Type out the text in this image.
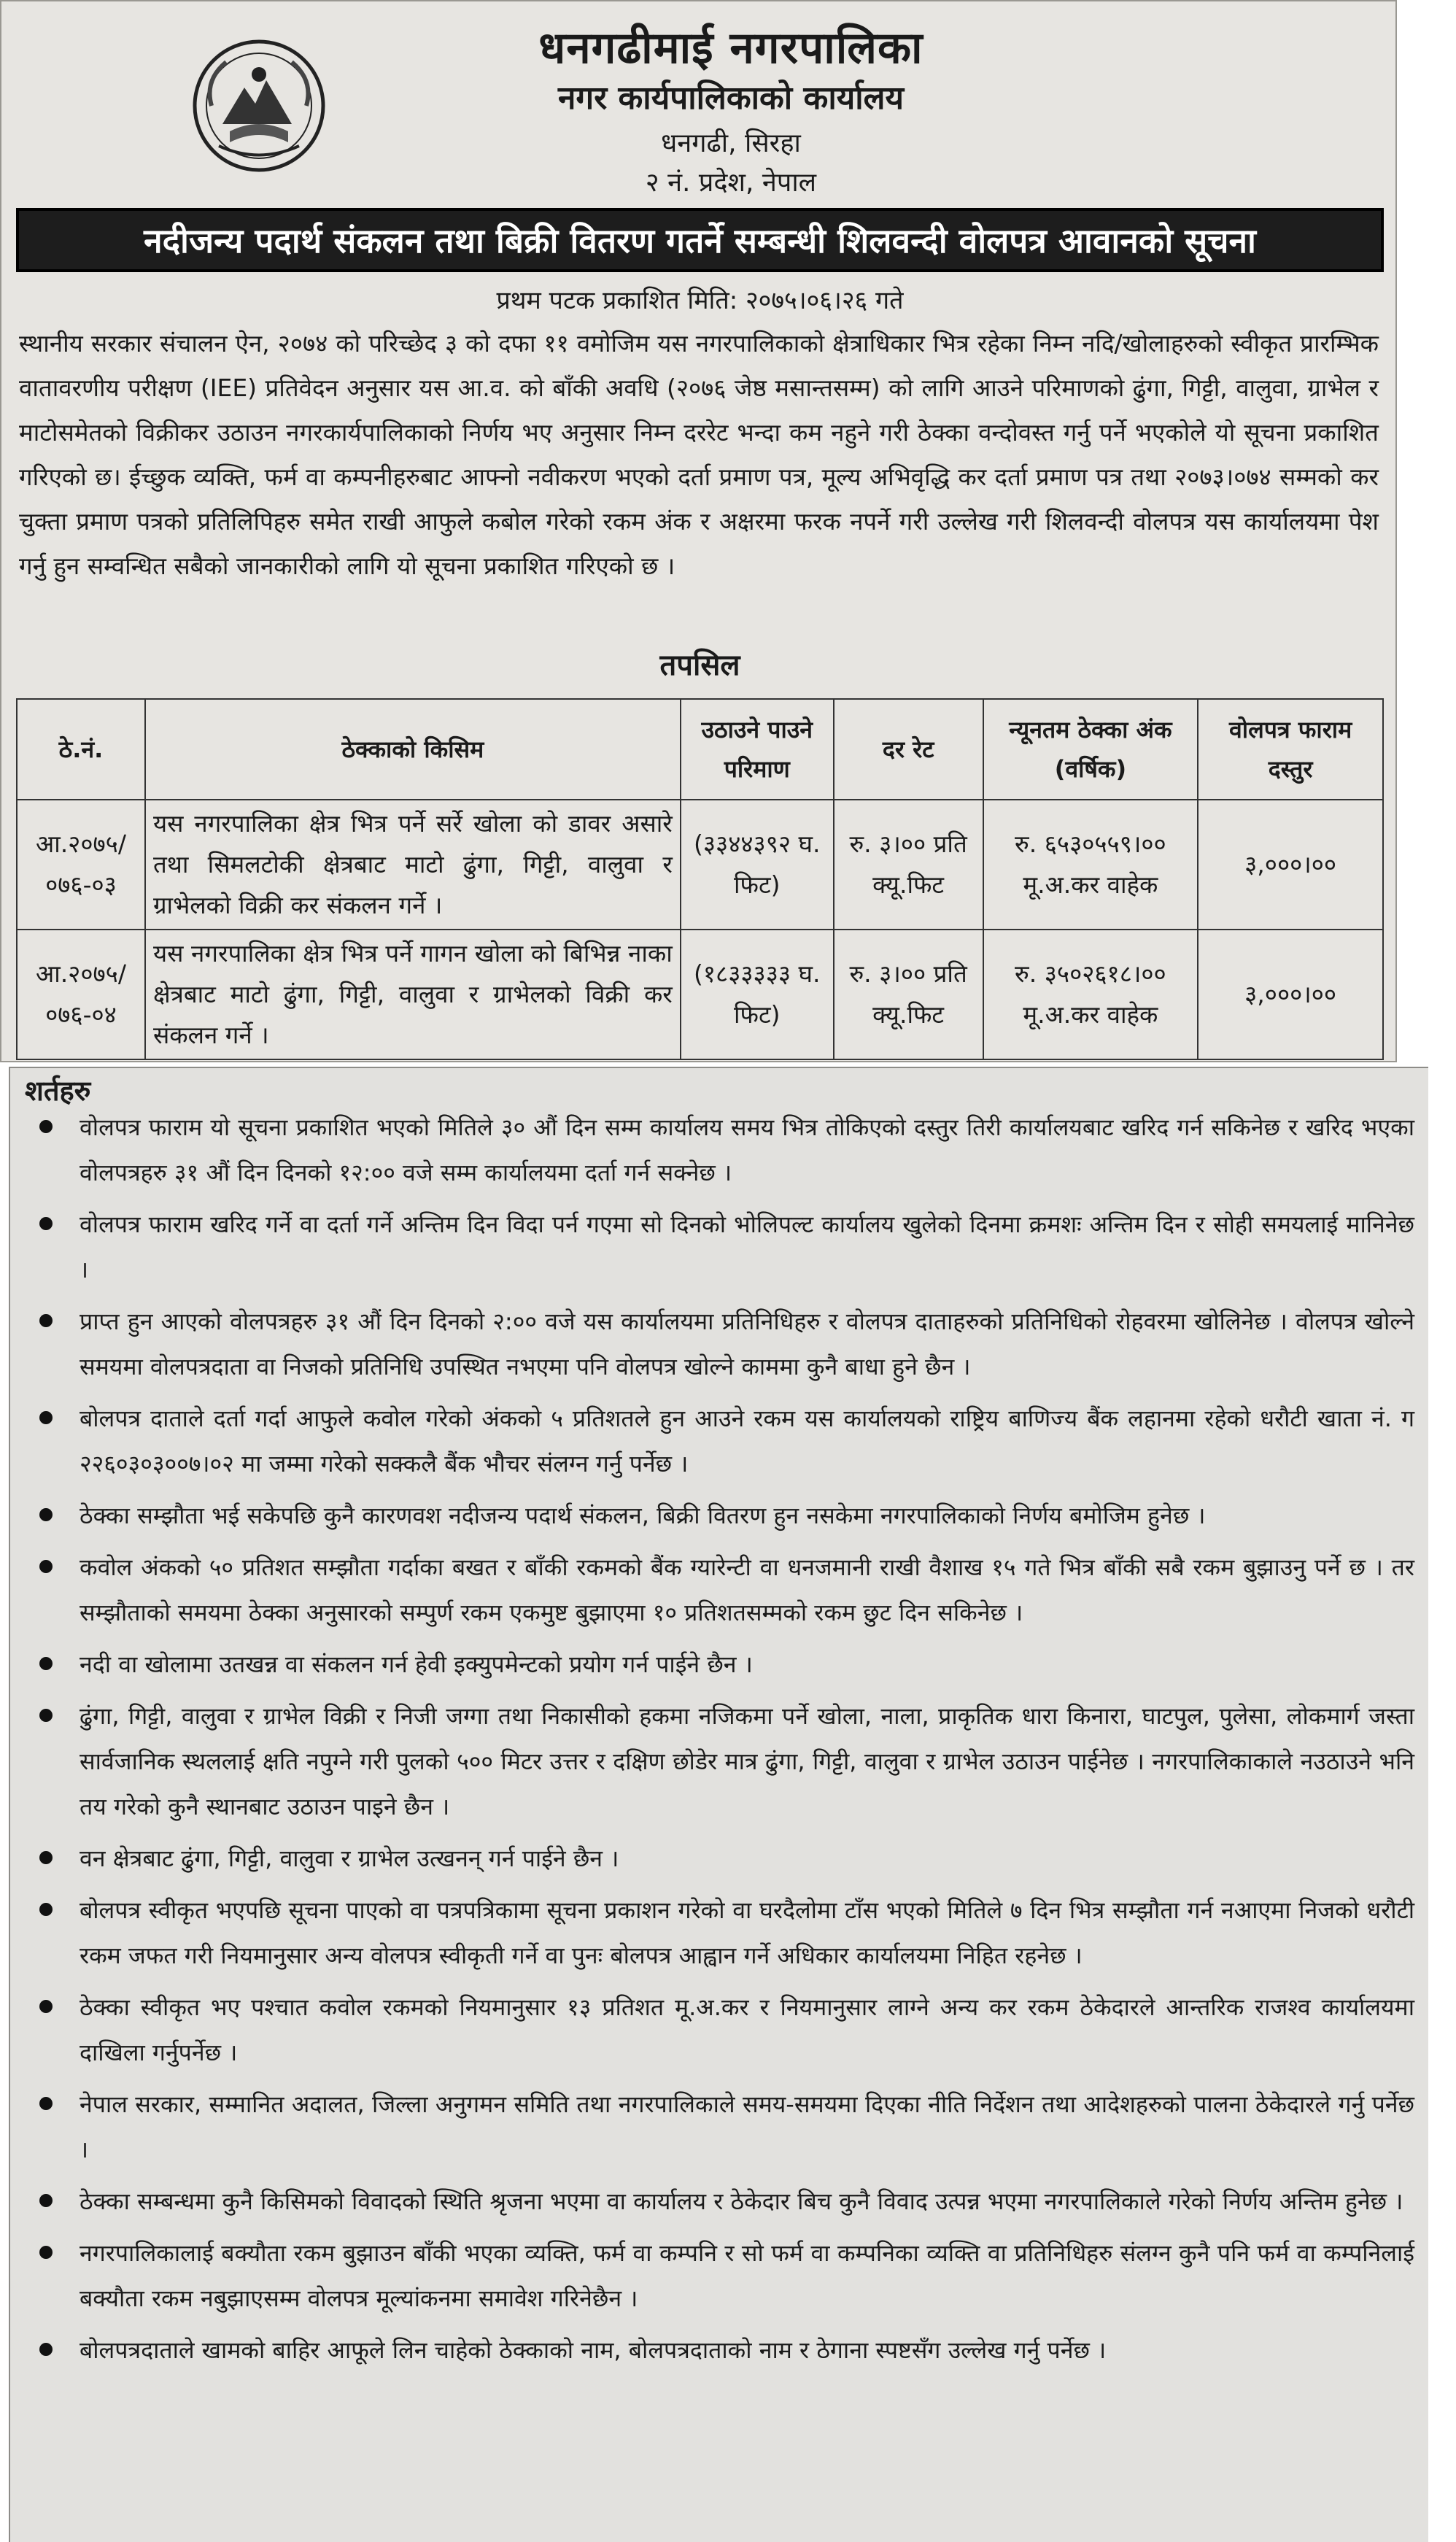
धनगढीमाई नगरपालिका
नगर कार्यपालिकाको कार्यालय
धनगढी, सिरहा
२ नं. प्रदेश, नेपाल
नदीजन्य पदार्थ संकलन तथा बिक्री वितरण गतर्ने सम्बन्धी शिलवन्दी वोलपत्र आवानको सूचना
प्रथम पटक प्रकाशित मिति: २०७५।०६।२६ गते

स्थानीय सरकार संचालन ऐन, २०७४ को परिच्छेद ३ को दफा ११ वमोजिम यस नगरपालिकाको क्षेत्राधिकार भित्र रहेका निम्न नदि/खोलाहरुको स्वीकृत प्रारम्भिक वातावरणीय परीक्षण (IEE) प्रतिवेदन अनुसार यस आ.व. को बाँकी अवधि (२०७६ जेष्ठ मसान्तसम्म) को लागि आउने परिमाणको ढुंगा, गिट्टी, वालुवा, ग्राभेल र माटोसमेतको विक्रीकर उठाउन नगरकार्यपालिकाको निर्णय भए अनुसार निम्न दररेट भन्दा कम नहुने गरी ठेक्का वन्दोवस्त गर्नु पर्ने भएकोले यो सूचना प्रकाशित गरिएको छ। ईच्छुक व्यक्ति, फर्म वा कम्पनीहरुबाट आफ्नो नवीकरण भएको दर्ता प्रमाण पत्र, मूल्य अभिवृद्धि कर दर्ता प्रमाण पत्र तथा २०७३।०७४ सम्मको कर चुक्ता प्रमाण पत्रको प्रतिलिपिहरु समेत राखी आफुले कबोल गरेको रकम अंक र अक्षरमा फरक नपर्ने गरी उल्लेख गरी शिलवन्दी वोलपत्र यस कार्यालयमा पेश गर्नु हुन सम्वन्धित सबैको जानकारीको लागि यो सूचना प्रकाशित गरिएको छ ।

तपसिल
ठे.नं.	ठेक्काको किसिम	उठाउने पाउने परिमाण	दर रेट	न्यूनतम ठेक्का अंक (वर्षिक)	वोलपत्र फाराम दस्तुर
आ.२०७५/ ०७६-०३	यस नगरपालिका क्षेत्र भित्र पर्ने सर्रे खोला को डावर असारे तथा सिमलटोकी क्षेत्रबाट माटो ढुंगा, गिट्टी, वालुवा र ग्राभेलको विक्री कर संकलन गर्ने ।	(३३४४३९२ घ. फिट)	रु. ३।०० प्रति क्यू.फिट	रु. ६५३०५५९।०० मू.अ.कर वाहेक	३,०००।००
आ.२०७५/ ०७६-०४	यस नगरपालिका क्षेत्र भित्र पर्ने गागन खोला को बिभिन्न नाका क्षेत्रबाट माटो ढुंगा, गिट्टी, वालुवा र ग्राभेलको विक्री कर संकलन गर्ने ।	(१८३३३३३ घ. फिट)	रु. ३।०० प्रति क्यू.फिट	रु. ३५०२६१८।०० मू.अ.कर वाहेक	३,०००।००
शर्तहरु
वोलपत्र फाराम यो सूचना प्रकाशित भएको मितिले ३० औं दिन सम्म कार्यालय समय भित्र तोकिएको दस्तुर तिरी कार्यालयबाट खरिद गर्न सकिनेछ र खरिद भएका वोलपत्रहरु ३१ औं दिन दिनको १२:०० वजे सम्म कार्यालयमा दर्ता गर्न सक्नेछ ।
वोलपत्र फाराम खरिद गर्ने वा दर्ता गर्ने अन्तिम दिन विदा पर्न गएमा सो दिनको भोलिपल्ट कार्यालय खुलेको दिनमा क्रमशः अन्तिम दिन र सोही समयलाई मानिनेछ ।
प्राप्त हुन आएको वोलपत्रहरु ३१ औं दिन दिनको २:०० वजे यस कार्यालयमा प्रतिनिधिहरु र वोलपत्र दाताहरुको प्रतिनिधिको रोहवरमा खोलिनेछ । वोलपत्र खोल्ने समयमा वोलपत्रदाता वा निजको प्रतिनिधि उपस्थित नभएमा पनि वोलपत्र खोल्ने काममा कुनै बाधा हुने छैन ।
बोलपत्र दाताले दर्ता गर्दा आफुले कवोल गरेको अंकको ५ प्रतिशतले हुन आउने रकम यस कार्यालयको राष्ट्रिय बाणिज्य बैंक लहानमा रहेको धरौटी खाता नं. ग २२६०३०३००७।०२ मा जम्मा गरेको सक्कलै बैंक भौचर संलग्न गर्नु पर्नेछ ।
ठेक्का सम्झौता भई सकेपछि कुनै कारणवश नदीजन्य पदार्थ संकलन, बिक्री वितरण हुन नसकेमा नगरपालिकाको निर्णय बमोजिम हुनेछ ।
कवोल अंकको ५० प्रतिशत सम्झौता गर्दाका बखत र बाँकी रकमको बैंक ग्यारेन्टी वा धनजमानी राखी वैशाख १५ गते भित्र बाँकी सबै रकम बुझाउनु पर्ने छ । तर सम्झौताको समयमा ठेक्का अनुसारको सम्पुर्ण रकम एकमुष्ट बुझाएमा १० प्रतिशतसम्मको रकम छुट दिन सकिनेछ ।
नदी वा खोलामा उतखन्न वा संकलन गर्न हेवी इक्युपमेन्टको प्रयोग गर्न पाईने छैन ।
ढुंगा, गिट्टी, वालुवा र ग्राभेल विक्री र निजी जग्गा तथा निकासीको हकमा नजिकमा पर्ने खोला, नाला, प्राकृतिक धारा किनारा, घाटपुल, पुलेसा, लोकमार्ग जस्ता सार्वजानिक स्थललाई क्षति नपुग्ने गरी पुलको ५०० मिटर उत्तर र दक्षिण छोडेर मात्र ढुंगा, गिट्टी, वालुवा र ग्राभेल उठाउन पाईनेछ । नगरपालिकाकाले नउठाउने भनि तय गरेको कुनै स्थानबाट उठाउन पाइने छैन ।
वन क्षेत्रबाट ढुंगा, गिट्टी, वालुवा र ग्राभेल उत्खनन् गर्न पाईने छैन ।
बोलपत्र स्वीकृत भएपछि सूचना पाएको वा पत्रपत्रिकामा सूचना प्रकाशन गरेको वा घरदैलोमा टाँस भएको मितिले ७ दिन भित्र सम्झौता गर्न नआएमा निजको धरौटी रकम जफत गरी नियमानुसार अन्य वोलपत्र स्वीकृती गर्ने वा पुनः बोलपत्र आह्वान गर्ने अधिकार कार्यालयमा निहित रहनेछ ।
ठेक्का स्वीकृत भए पश्चात कवोल रकमको नियमानुसार १३ प्रतिशत मू.अ.कर र नियमानुसार लाग्ने अन्य कर रकम ठेकेदारले आन्तरिक राजश्व कार्यालयमा दाखिला गर्नुपर्नेछ ।
नेपाल सरकार, सम्मानित अदालत, जिल्ला अनुगमन समिति तथा नगरपालिकाले समय-समयमा दिएका नीति निर्देशन तथा आदेशहरुको पालना ठेकेदारले गर्नु पर्नेछ ।
ठेक्का सम्बन्धमा कुनै किसिमको विवादको स्थिति श्रृजना भएमा वा कार्यालय र ठेकेदार बिच कुनै विवाद उत्पन्न भएमा नगरपालिकाले गरेको निर्णय अन्तिम हुनेछ ।
नगरपालिकालाई बक्यौता रकम बुझाउन बाँकी भएका व्यक्ति, फर्म वा कम्पनि र सो फर्म वा कम्पनिका व्यक्ति वा प्रतिनिधिहरु संलग्न कुनै पनि फर्म वा कम्पनिलाई बक्यौता रकम नबुझाएसम्म वोलपत्र मूल्यांकनमा समावेश गरिनेछैन ।
बोलपत्रदाताले खामको बाहिर आफूले लिन चाहेको ठेक्काको नाम, बोलपत्रदाताको नाम र ठेगाना स्पष्टसँग उल्लेख गर्नु पर्नेछ ।
